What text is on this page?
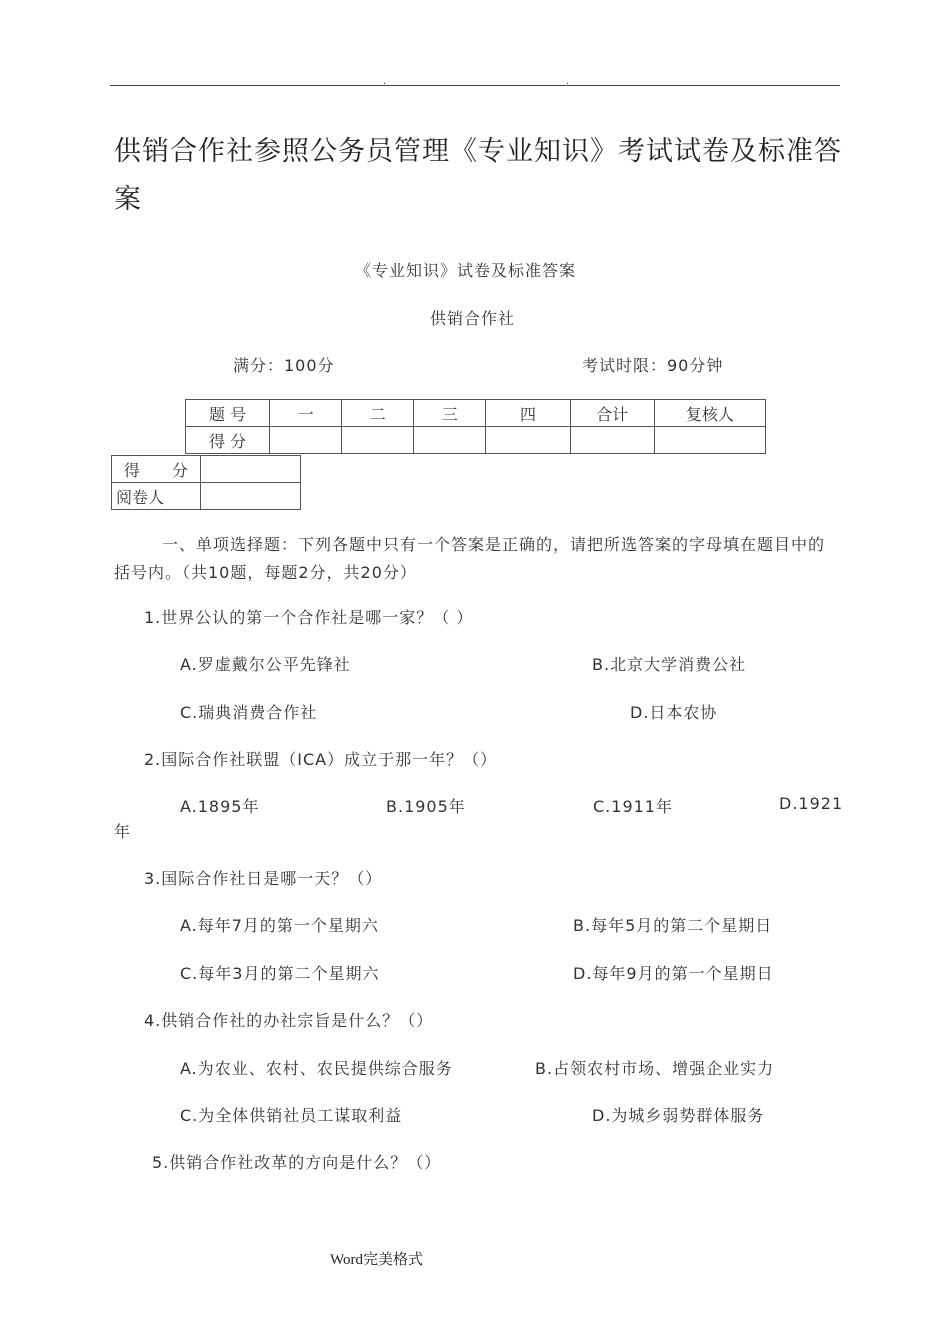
.	.
供销合作社参照公务员管理《专业知识》考试试卷及标准答案
《专业知识》试卷及标准答案
供销合作社
满分：100分	考试时限：90分钟
题 号	一	二	三	四	合计	复核人
得 分						
得　　分	
阅卷人	
一、单项选择题：下列各题中只有一个答案是正确的，请把所选答案的字母填在题目中的括号内。（共10题，每题2分，共20分）
1.世界公认的第一个合作社是哪一家？（ ）
A.罗虚戴尔公平先锋社	B.北京大学消费公社
C.瑞典消费合作社	D.日本农协
2.国际合作社联盟（ICA）成立于那一年？（）
A.1895年	B.1905年	C.1911年	D.1921
年
3.国际合作社日是哪一天？（）
A.每年7月的第一个星期六	B.每年5月的第二个星期日
C.每年3月的第二个星期六	D.每年9月的第一个星期日
4.供销合作社的办社宗旨是什么？（）
A.为农业、农村、农民提供综合服务	B.占领农村市场、增强企业实力
C.为全体供销社员工谋取利益	D.为城乡弱势群体服务
5.供销合作社改革的方向是什么？（）
Word完美格式
